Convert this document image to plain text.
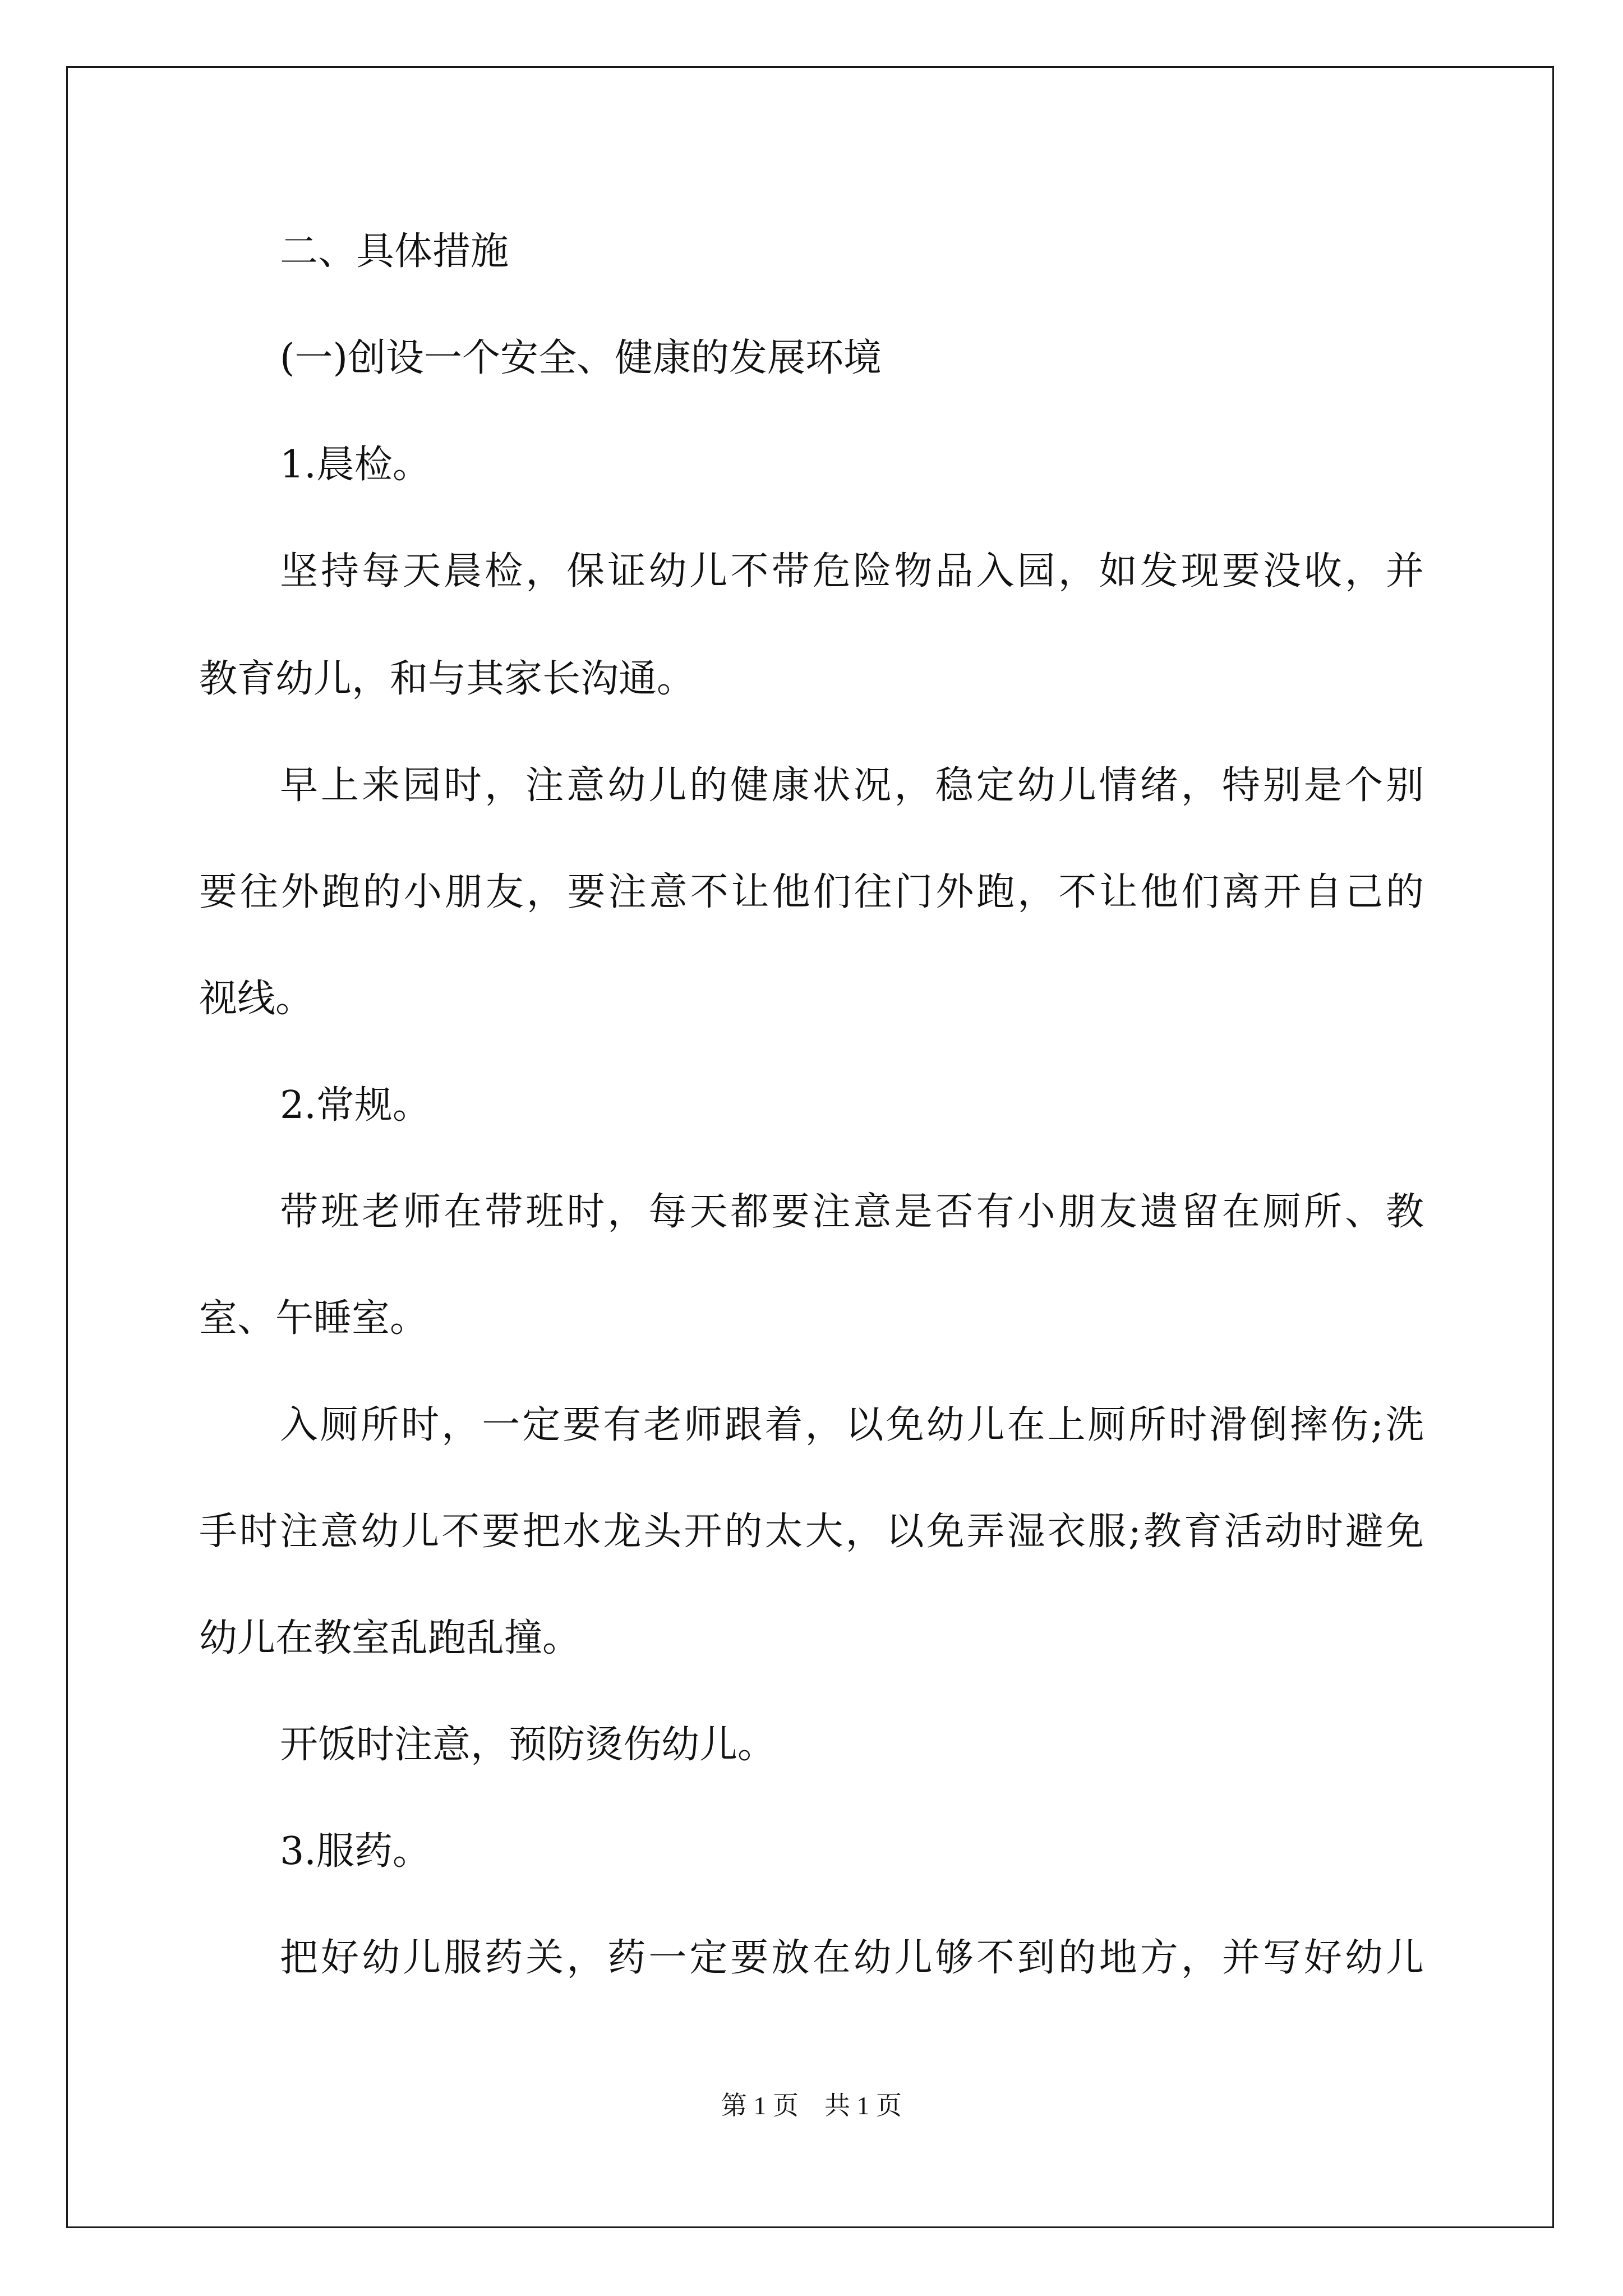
二、具体措施
(一)创设一个安全、健康的发展环境
1.晨检。
坚持每天晨检，保证幼儿不带危险物品入园，如发现要没收，并
教育幼儿，和与其家长沟通。
早上来园时，注意幼儿的健康状况，稳定幼儿情绪，特别是个别
要往外跑的小朋友，要注意不让他们往门外跑，不让他们离开自己的
视线。
2.常规。
带班老师在带班时，每天都要注意是否有小朋友遗留在厕所、教
室、午睡室。
入厕所时，一定要有老师跟着，以免幼儿在上厕所时滑倒摔伤;洗
手时注意幼儿不要把水龙头开的太大，以免弄湿衣服;教育活动时避免
幼儿在教室乱跑乱撞。
开饭时注意，预防烫伤幼儿。
3.服药。
把好幼儿服药关，药一定要放在幼儿够不到的地方，并写好幼儿
第 1 页    共 1 页
